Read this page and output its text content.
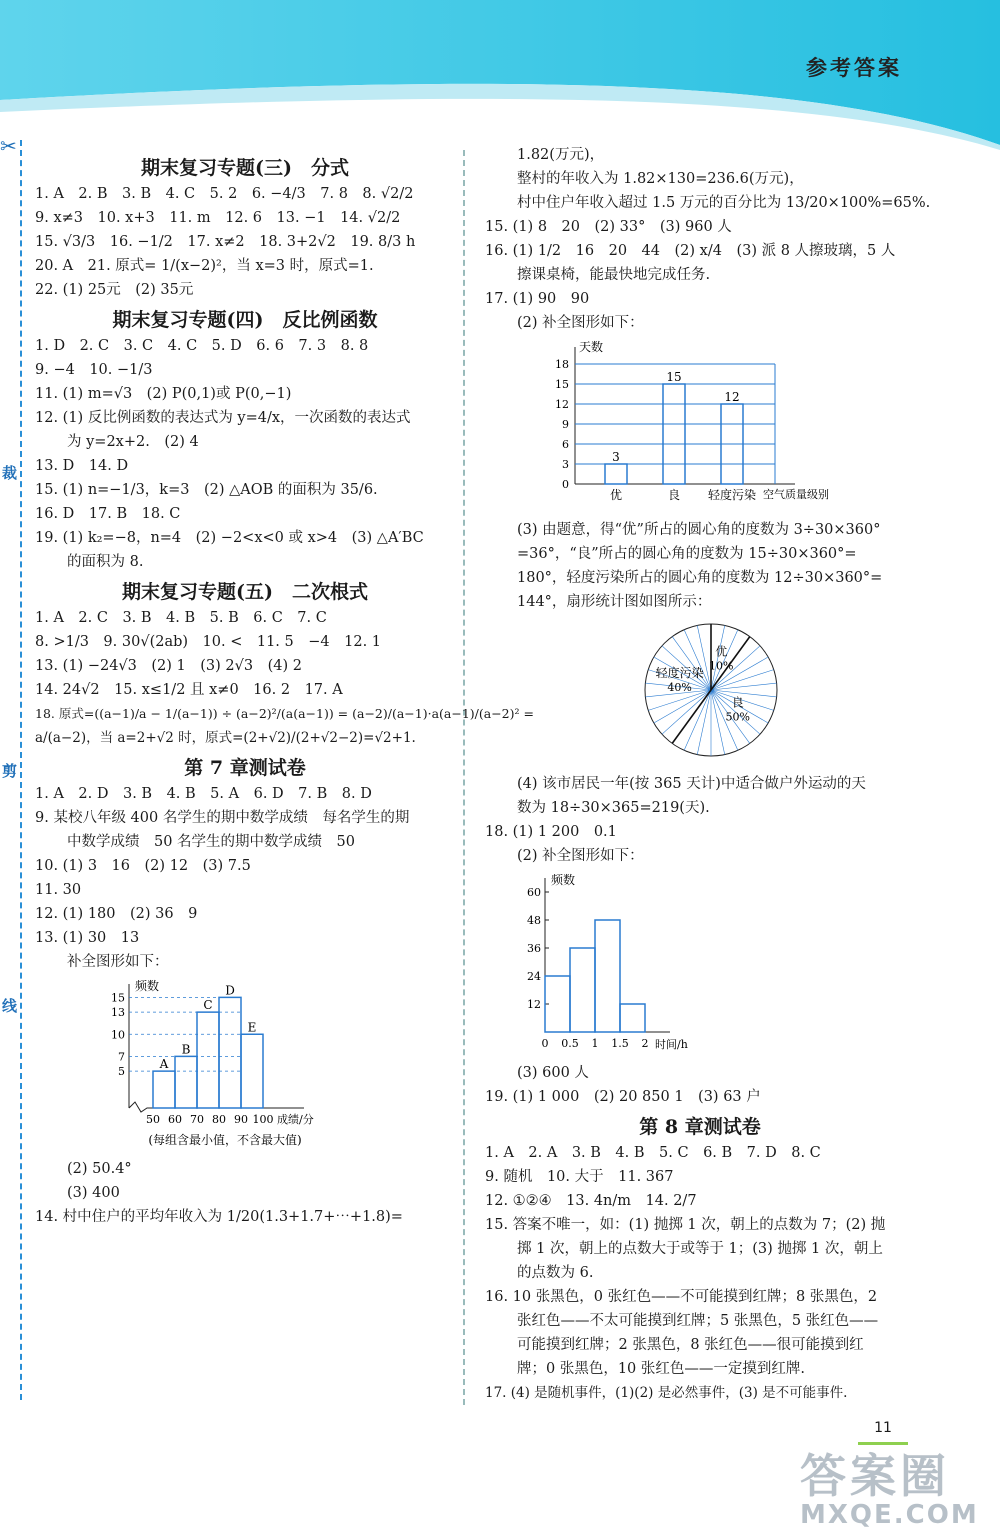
参考答案
✂
裁
剪
线
期末复习专题(三)　分式
1. A　2. B　3. B　4. C　5. 2　6. −4/3　7. 8　8. √2/2
9. x≠3　10. x+3　11. m　12. 6　13. −1　14. √2/2
15. √3/3　16. −1/2　17. x≠2　18. 3+2√2　19. 8/3 h
20. A　21. 原式= 1/(x−2)²，当 x=3 时，原式=1.
22. (1) 25元　(2) 35元
期末复习专题(四)　反比例函数
1. D　2. C　3. C　4. C　5. D　6. 6　7. 3　8. 8
9. −4　10. −1/3
11. (1) m=√3　(2) P(0,1)或 P(0,−1)
12. (1) 反比例函数的表达式为 y=4/x，一次函数的表达式
为 y=2x+2.　(2) 4
13. D　14. D
15. (1) n=−1/3，k=3　(2) △AOB 的面积为 35/6.
16. D　17. B　18. C
19. (1) k₂=−8，n=4　(2) −2<x<0 或 x>4　(3) △A′BC
的面积为 8.
期末复习专题(五)　二次根式
1. A　2. C　3. B　4. B　5. B　6. C　7. C
8. >1/3　9. 30√(2ab)　10. <　11. 5　−4　12. 1
13. (1) −24√3　(2) 1　(3) 2√3　(4) 2
14. 24√2　15. x≤1/2 且 x≠0　16. 2　17. A
18. 原式=((a−1)/a − 1/(a−1)) ÷ (a−2)²/(a(a−1)) = (a−2)/(a−1)·a(a−1)/(a−2)² =
a/(a−2)，当 a=2+√2 时，原式=(2+√2)/(2+√2−2)=√2+1.
第 7 章测试卷
1. A　2. D　3. B　4. B　5. A　6. D　7. B　8. D
9. 某校八年级 400 名学生的期中数学成绩　每名学生的期
中数学成绩　50 名学生的期中数学成绩　50
10. (1) 3　16　(2) 12　(3) 7.5
11. 30
12. (1) 180　(2) 36　9
13. (1) 30　13
补全图形如下：
频数
5
7
10
13
15
A
B
C
D
E
50 60 70 80 90 100 成绩/分
(每组含最小值，不含最大值)
(2) 50.4°
(3) 400
14. 村中住户的平均年收入为 1/20(1.3+1.7+⋯+1.8)=
1.82(万元)，
整村的年收入为 1.82×130=236.6(万元)，
村中住户年收入超过 1.5 万元的百分比为 13/20×100%=65%.
15. (1) 8　20　(2) 33°　(3) 960 人
16. (1) 1/2　16　20　44　(2) x/4　(3) 派 8 人擦玻璃，5 人
擦课桌椅，能最快地完成任务.
17. (1) 90　90
(2) 补全图形如下：
天数
0
3
6
9
12
15
18
3
15
12
优	良 轻度污染 空气质量级别
(3) 由题意，得“优”所占的圆心角的度数为 3÷30×360°
=36°，“良”所占的圆心角的度数为 15÷30×360°=
180°，轻度污染所占的圆心角的度数为 12÷30×360°=
144°，扇形统计图如图所示：
优
10%
良
50%
轻度污染
40%
(4) 该市居民一年(按 365 天计)中适合做户外运动的天
数为 18÷30×365=219(天).
18. (1) 1 200　0.1
(2) 补全图形如下：
频数
12
24
36
48
60
0 0.5 1 1.5 2 时间/h
(3) 600 人
19. (1) 1 000　(2) 20 850 1　(3) 63 户
第 8 章测试卷
1. A　2. A　3. B　4. B　5. C　6. B　7. D　8. C
9. 随机　10. 大于　11. 367
12. ①②④　13. 4n/m　14. 2/7
15. 答案不唯一，如：(1) 抛掷 1 次，朝上的点数为 7；(2) 抛
掷 1 次，朝上的点数大于或等于 1；(3) 抛掷 1 次，朝上
的点数为 6.
16. 10 张黑色，0 张红色——不可能摸到红牌；8 张黑色，2
张红色——不太可能摸到红牌；5 张黑色，5 张红色——
可能摸到红牌；2 张黑色，8 张红色——很可能摸到红
牌；0 张黑色，10 张红色——一定摸到红牌.
17. (4) 是随机事件，(1)(2) 是必然事件，(3) 是不可能事件.
11
答案圈
MXQE.COM
